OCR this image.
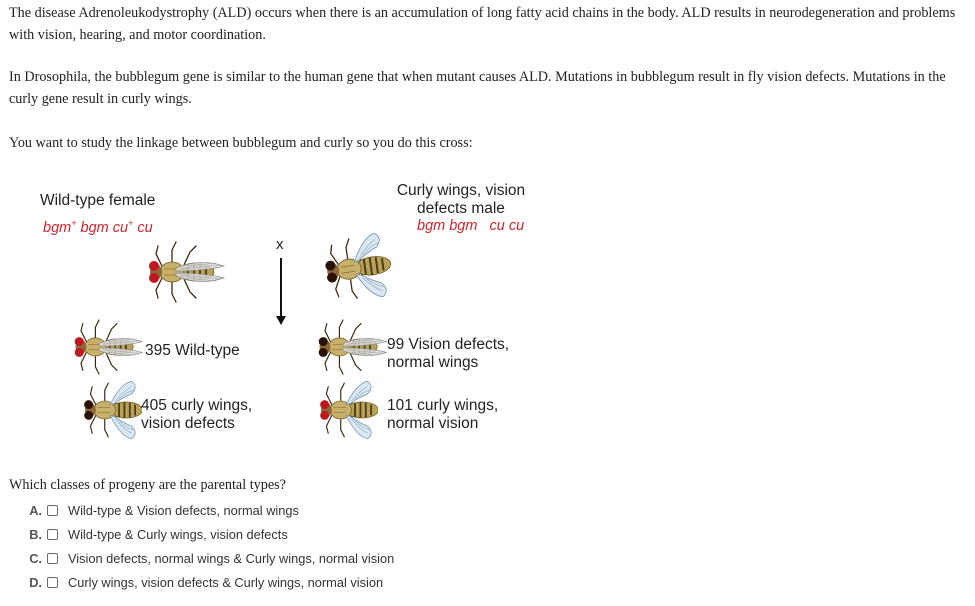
The disease Adrenoleukodystrophy (ALD) occurs when there is an accumulation of long fatty acid chains in the body. ALD results in neurodegeneration and problems with vision, hearing, and motor coordination.
In Drosophila, the bubblegum gene is similar to the human gene that when mutant causes ALD. Mutations in bubblegum result in fly vision defects. Mutations in the curly gene result in curly wings.
You want to study the linkage between bubblegum and curly so you do this cross:
Wild-type female
bgm+ bgm cu+ cu
Curly wings, vision
defects male
bgm bgm   cu cu
x
395 Wild-type	99 Vision defects,
normal wings
405 curly wings,
vision defects
101 curly wings,
normal vision
Which classes of progeny are the parental types?
A. Wild-type & Vision defects, normal wings
B. Wild-type & Curly wings, vision defects
C. Vision defects, normal wings & Curly wings, normal vision
D. Curly wings, vision defects & Curly wings, normal vision
